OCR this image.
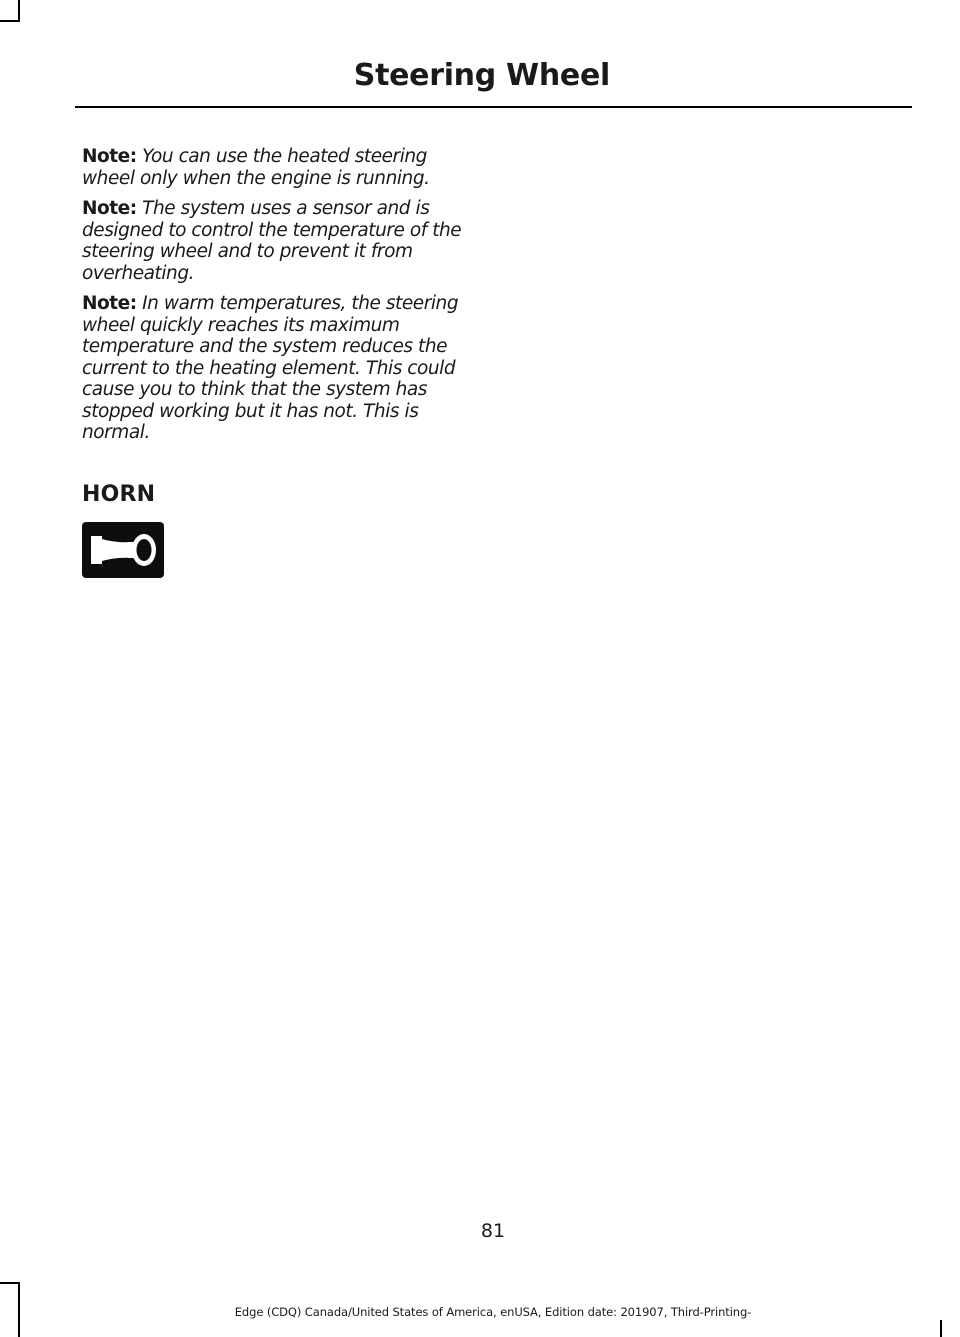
Steering Wheel

Note: You can use the heated steering wheel only when the engine is running.

Note: The system uses a sensor and is designed to control the temperature of the steering wheel and to prevent it from overheating.

Note: In warm temperatures, the steering wheel quickly reaches its maximum temperature and the system reduces the current to the heating element. This could cause you to think that the system has stopped working but it has not. This is normal.

HORN
81
Edge (CDQ) Canada/United States of America, enUSA, Edition date: 201907, Third-Printing-
